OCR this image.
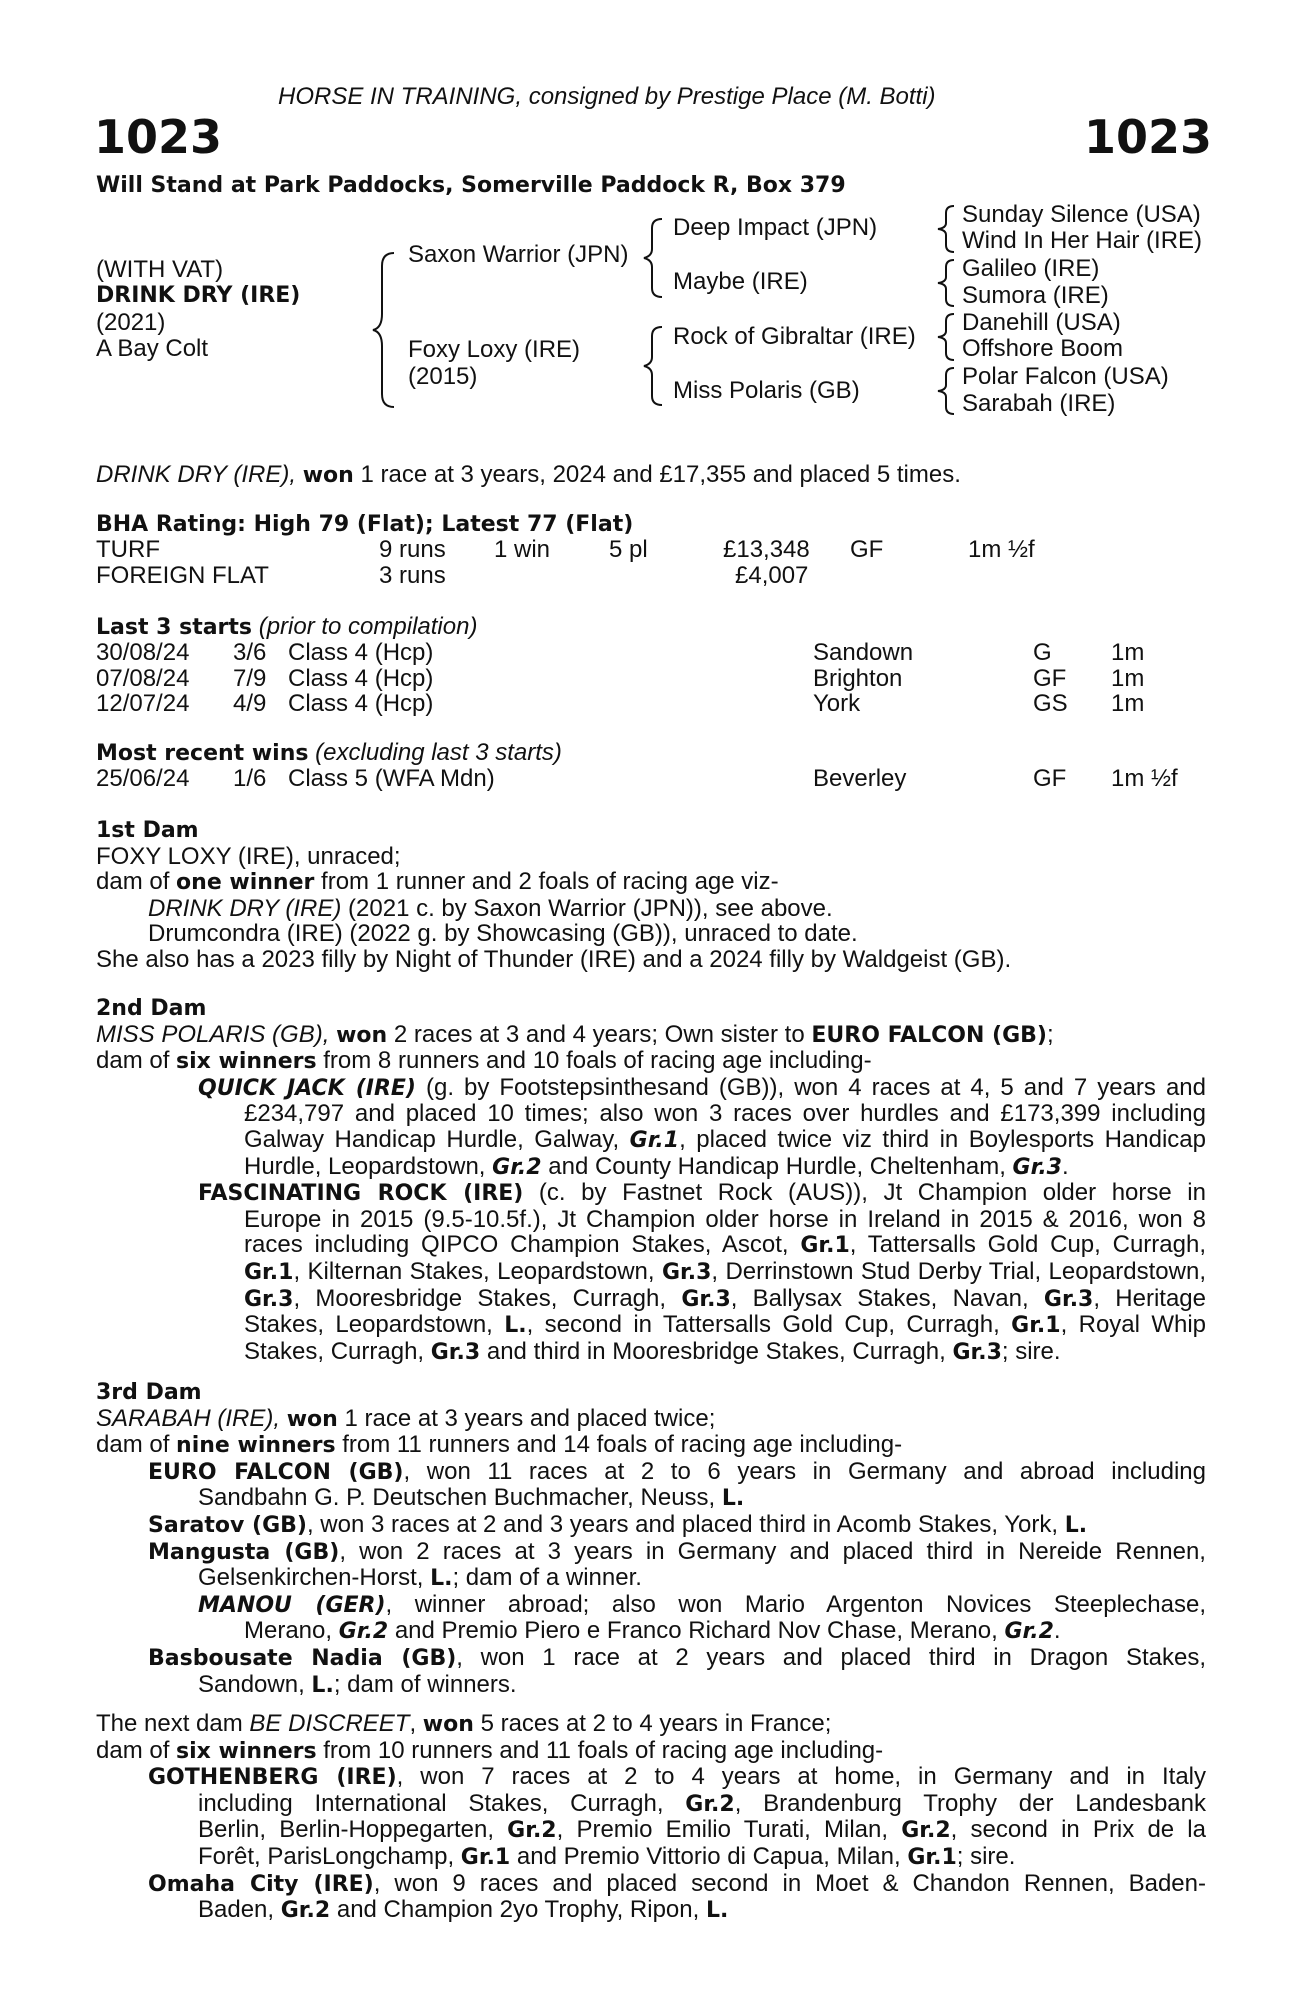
HORSE IN TRAINING, consigned by Prestige Place (M. Botti)
1023	1023
Will Stand at Park Paddocks, Somerville Paddock R, Box 379
(WITH VAT)
DRINK DRY (IRE)
(2021)
A Bay Colt
Saxon Warrior (JPN)
Foxy Loxy (IRE)
(2015)
Deep Impact (JPN)
Maybe (IRE)
Rock of Gibraltar (IRE)
Miss Polaris (GB)
Sunday Silence (USA)
Wind In Her Hair (IRE)
Galileo (IRE)
Sumora (IRE)
Danehill (USA)
Offshore Boom
Polar Falcon (USA)
Sarabah (IRE)
DRINK DRY (IRE), won 1 race at 3 years, 2024 and £17,355 and placed 5 times.
BHA Rating: High 79 (Flat); Latest 77 (Flat)
TURF	9 runs	1 win	5 pl	£13,348	GF	1m ½f
FOREIGN FLAT	3 runs			£4,007		
Last 3 starts (prior to compilation)
30/08/24	3/6	Class 4 (Hcp)	Sandown	G	1m
07/08/24	7/9	Class 4 (Hcp)	Brighton	GF	1m
12/07/24	4/9	Class 4 (Hcp)	York	GS	1m
Most recent wins (excluding last 3 starts)
25/06/24	1/6	Class 5 (WFA Mdn)	Beverley	GF	1m ½f
1st Dam
FOXY LOXY (IRE), unraced;
dam of one winner from 1 runner and 2 foals of racing age viz-
DRINK DRY (IRE) (2021 c. by Saxon Warrior (JPN)), see above.
Drumcondra (IRE) (2022 g. by Showcasing (GB)), unraced to date.
She also has a 2023 filly by Night of Thunder (IRE) and a 2024 filly by Waldgeist (GB).
2nd Dam
MISS POLARIS (GB), won 2 races at 3 and 4 years; Own sister to EURO FALCON (GB);
dam of six winners from 8 runners and 10 foals of racing age including-
QUICK JACK (IRE) (g. by Footstepsinthesand (GB)), won 4 races at 4, 5 and 7 years and
£234,797 and placed 10 times; also won 3 races over hurdles and £173,399 including
Galway Handicap Hurdle, Galway, Gr.1, placed twice viz third in Boylesports Handicap
Hurdle, Leopardstown, Gr.2 and County Handicap Hurdle, Cheltenham, Gr.3.
FASCINATING ROCK (IRE) (c. by Fastnet Rock (AUS)), Jt Champion older horse in
Europe in 2015 (9.5-10.5f.), Jt Champion older horse in Ireland in 2015 & 2016, won 8
races including QIPCO Champion Stakes, Ascot, Gr.1, Tattersalls Gold Cup, Curragh,
Gr.1, Kilternan Stakes, Leopardstown, Gr.3, Derrinstown Stud Derby Trial, Leopardstown,
Gr.3, Mooresbridge Stakes, Curragh, Gr.3, Ballysax Stakes, Navan, Gr.3, Heritage
Stakes, Leopardstown, L., second in Tattersalls Gold Cup, Curragh, Gr.1, Royal Whip
Stakes, Curragh, Gr.3 and third in Mooresbridge Stakes, Curragh, Gr.3; sire.
3rd Dam
SARABAH (IRE), won 1 race at 3 years and placed twice;
dam of nine winners from 11 runners and 14 foals of racing age including-
EURO FALCON (GB), won 11 races at 2 to 6 years in Germany and abroad including
Sandbahn G. P. Deutschen Buchmacher, Neuss, L.
Saratov (GB), won 3 races at 2 and 3 years and placed third in Acomb Stakes, York, L.
Mangusta (GB), won 2 races at 3 years in Germany and placed third in Nereide Rennen,
Gelsenkirchen-Horst, L.; dam of a winner.
MANOU (GER), winner abroad; also won Mario Argenton Novices Steeplechase,
Merano, Gr.2 and Premio Piero e Franco Richard Nov Chase, Merano, Gr.2.
Basbousate Nadia (GB), won 1 race at 2 years and placed third in Dragon Stakes,
Sandown, L.; dam of winners.
The next dam BE DISCREET, won 5 races at 2 to 4 years in France;
dam of six winners from 10 runners and 11 foals of racing age including-
GOTHENBERG (IRE), won 7 races at 2 to 4 years at home, in Germany and in Italy
including International Stakes, Curragh, Gr.2, Brandenburg Trophy der Landesbank
Berlin, Berlin-Hoppegarten, Gr.2, Premio Emilio Turati, Milan, Gr.2, second in Prix de la
Forêt, ParisLongchamp, Gr.1 and Premio Vittorio di Capua, Milan, Gr.1; sire.
Omaha City (IRE), won 9 races and placed second in Moet & Chandon Rennen, Baden-
Baden, Gr.2 and Champion 2yo Trophy, Ripon, L.
